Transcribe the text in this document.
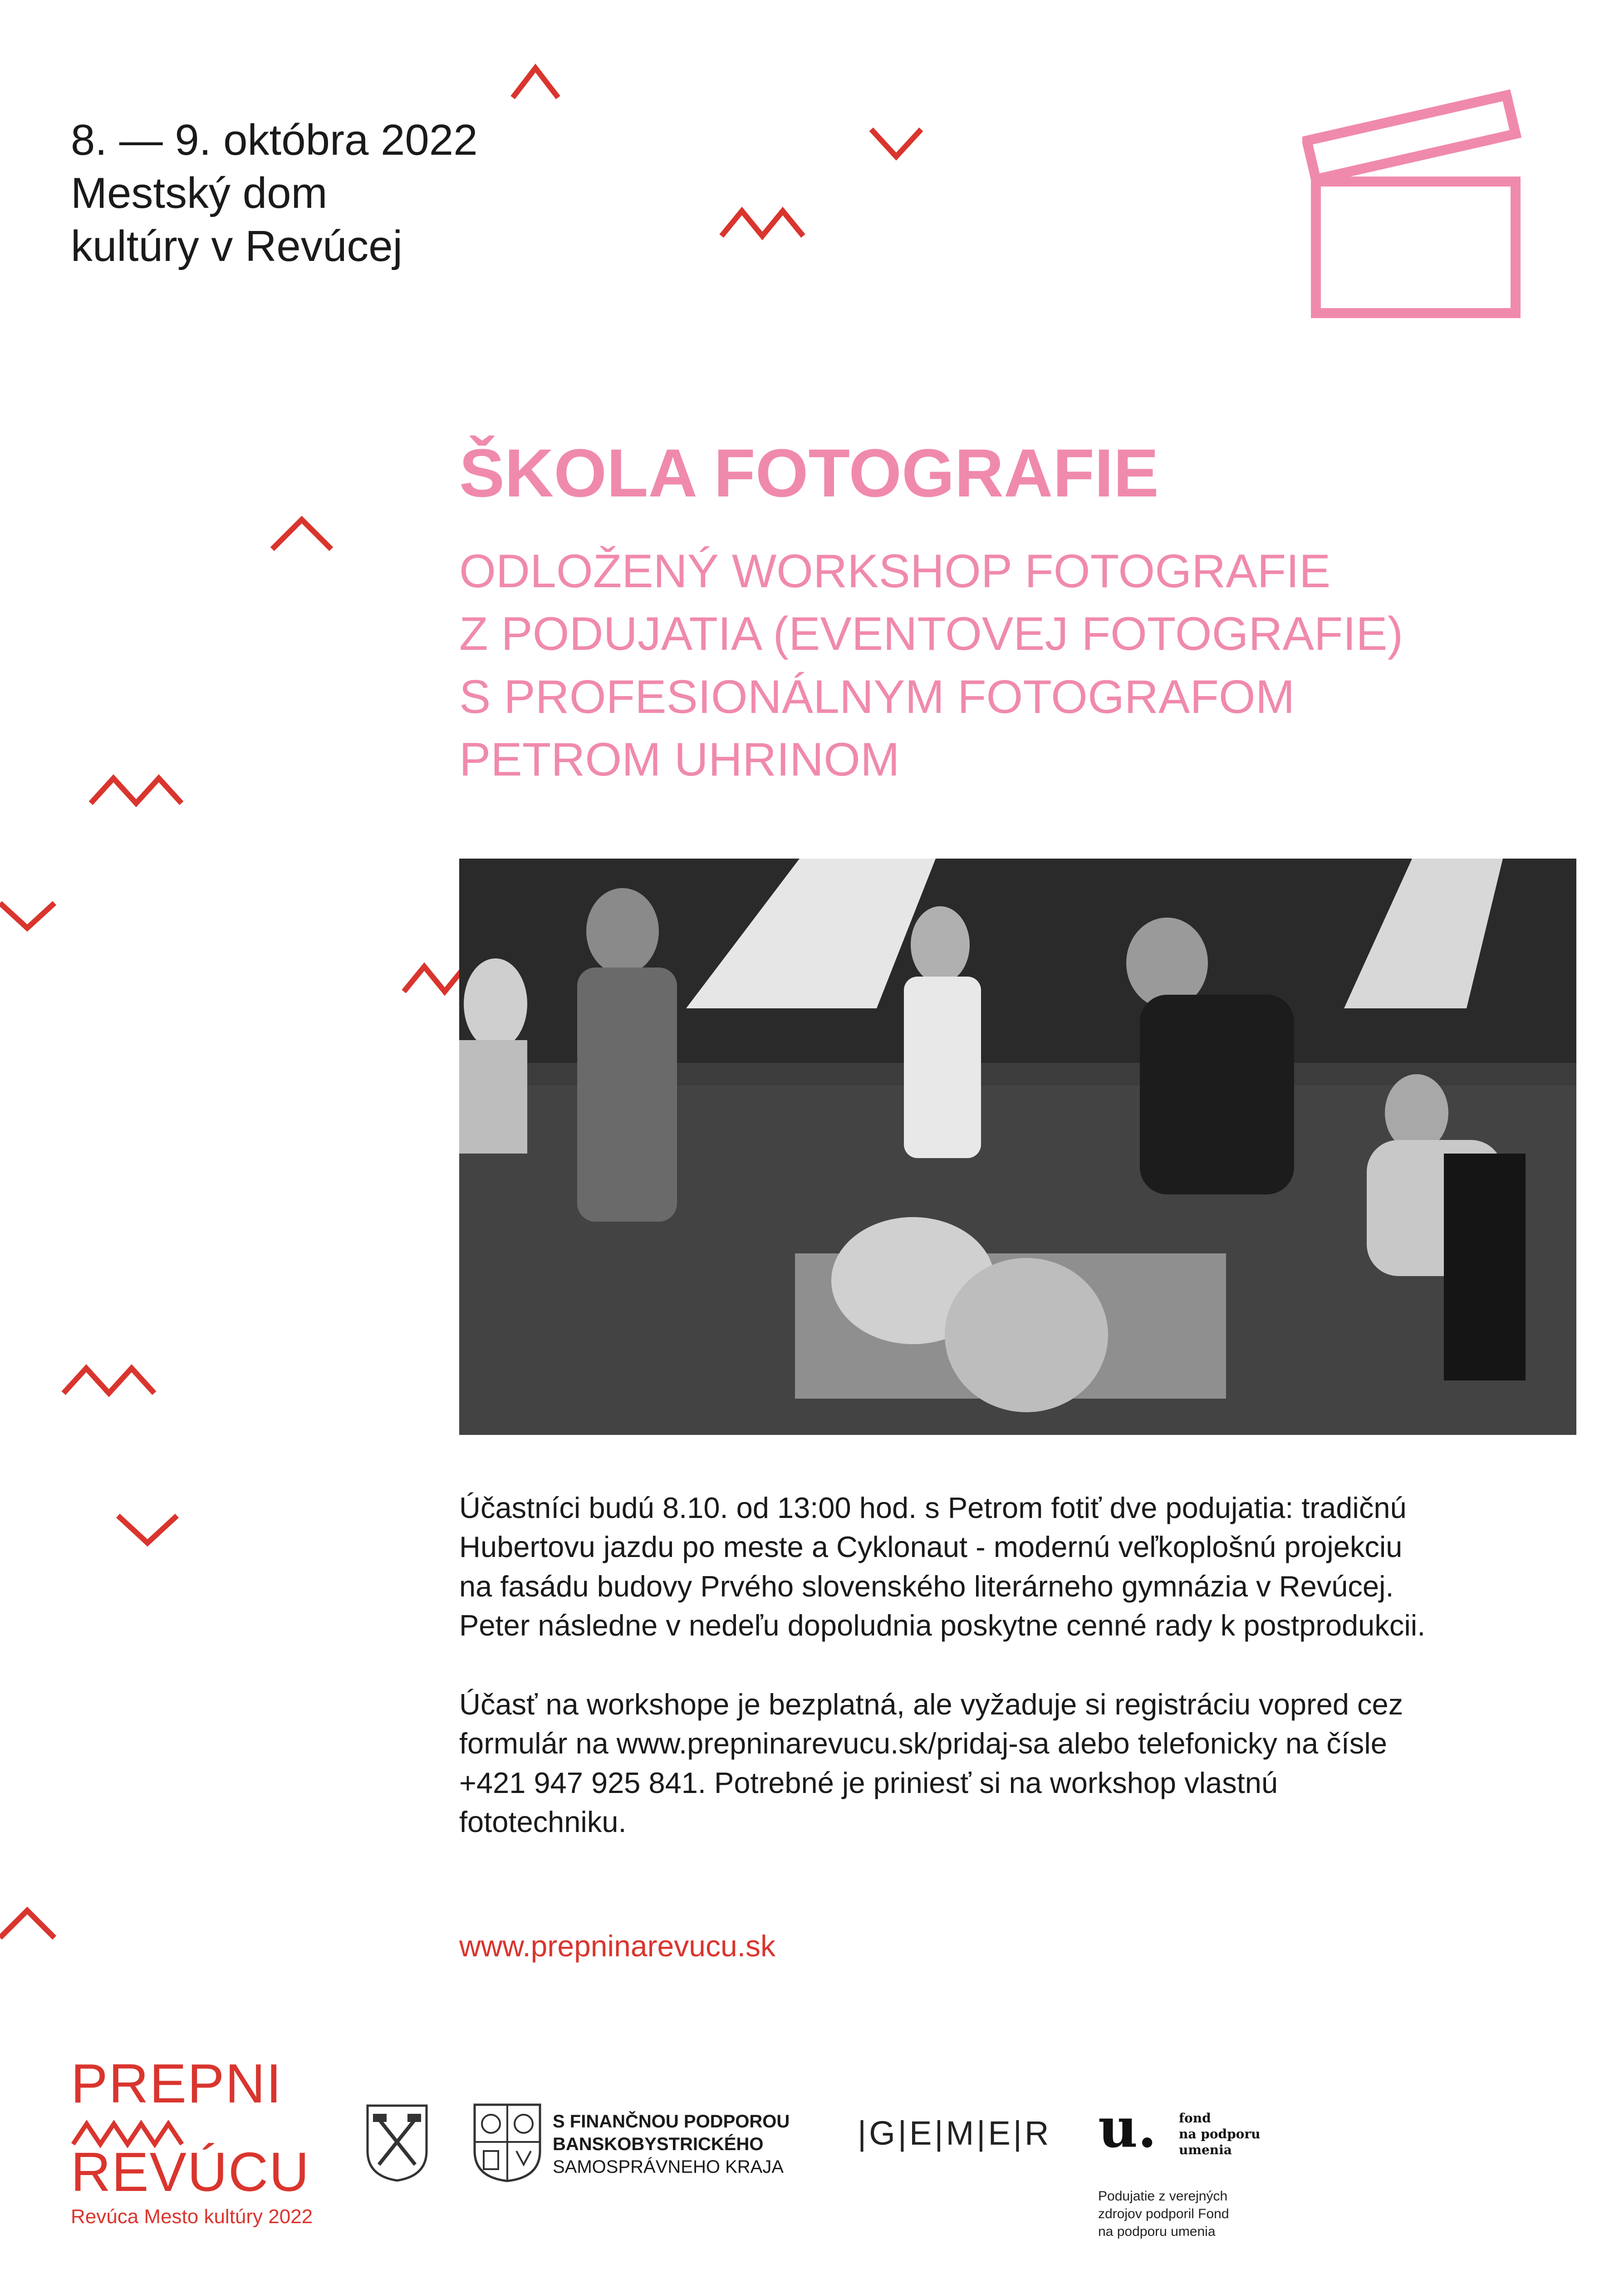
8. — 9. októbra 2022
Mestský dom
kultúry v Revúcej
ŠKOLA FOTOGRAFIE
ODLOŽENÝ WORKSHOP FOTOGRAFIE
Z PODUJATIA (EVENTOVEJ FOTOGRAFIE)
S PROFESIONÁLNYM FOTOGRAFOM
PETROM UHRINOM

Účastníci budú 8.10. od 13:00 hod. s Petrom fotiť dve podujatia: tradičnú
Hubertovu jazdu po meste a Cyklonaut - modernú veľkoplošnú projekciu
na fasádu budovy Prvého slovenského literárneho gymnázia v Revúcej.
Peter následne v nedeľu dopoludnia poskytne cenné rady k postprodukcii.

Účasť na workshope je bezplatná, ale vyžaduje si registráciu vopred cez
formulár na www.prepninarevucu.sk/pridaj-sa alebo telefonicky na čísle
+421 947 925 841. Potrebné je priniesť si na workshop vlastnú
fototechniku.

www.prepninarevucu.sk
PREPNI
REVÚCU
Revúca Mesto kultúry 2022
S FINANČNOU PODPOROU
BANSKOBYSTRICKÉHO
SAMOSPRÁVNEHO KRAJA
|G|E|M|E|R u. fond
na podporu
umenia
Podujatie z verejných
zdrojov podporil Fond
na podporu umenia
